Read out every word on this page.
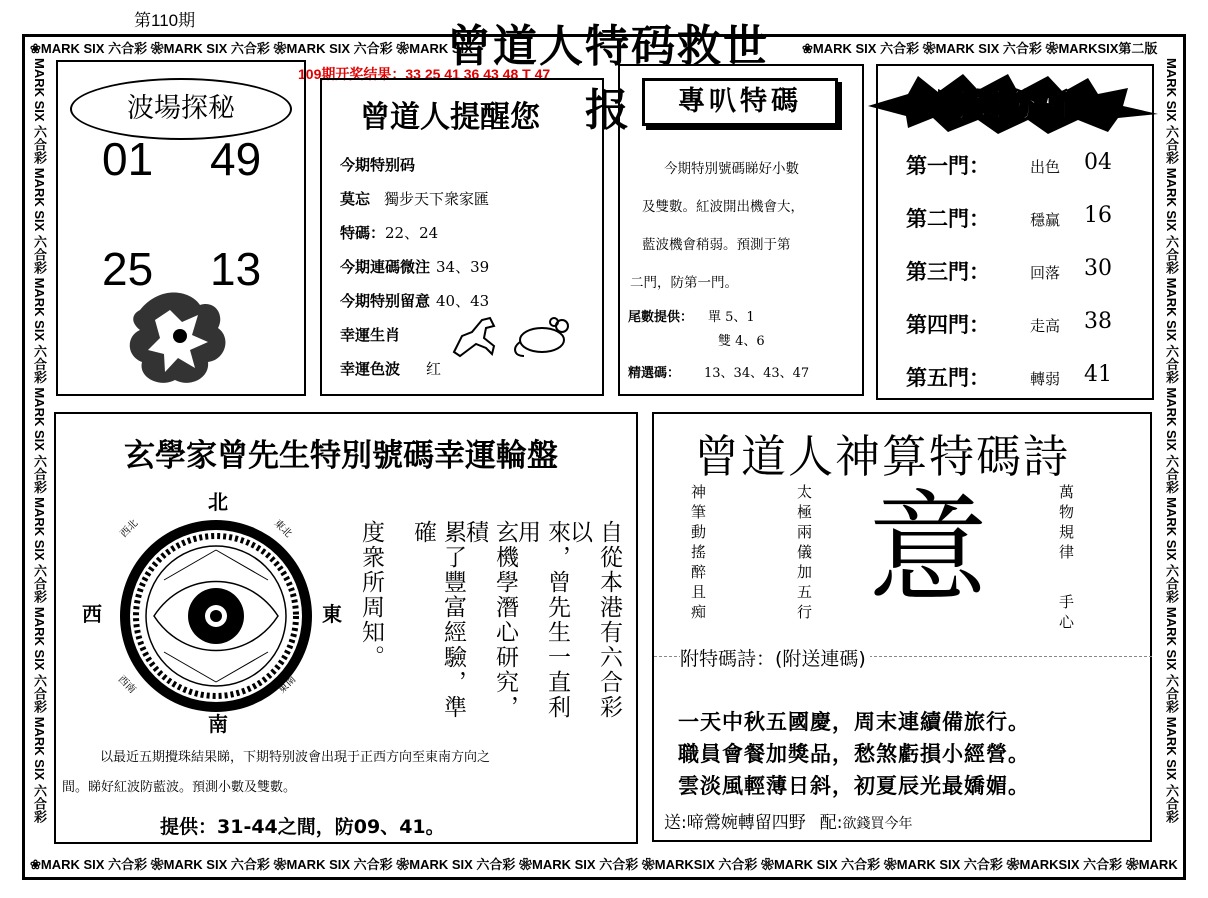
第110期
曾道人特码救世报
❀MARK SIX 六合彩 ❀MARK SIX 六合彩 ❀MARK SIX 六合彩 ❀MARK SIX	❀MARK SIX 六合彩 ❀MARK SIX 六合彩 ❀MARKSIX第二版
MARK SIX 六合彩 MARK SIX 六合彩 MARK SIX 六合彩 MARK SIX 六合彩 MARK SIX 六合彩 MARK SIX 六合彩 MARK SIX 六合彩	MARK SIX 六合彩 MARK SIX 六合彩 MARK SIX 六合彩 MARK SIX 六合彩 MARK SIX 六合彩 MARK SIX 六合彩 MARK SIX 六合彩
❀MARK SIX 六合彩 ❀MARK SIX 六合彩 ❀MARK SIX 六合彩 ❀MARK SIX 六合彩 ❀MARK SIX 六合彩 ❀MARKSIX 六合彩 ❀MARK SIX 六合彩 ❀MARK SIX 六合彩 ❀MARKSIX 六合彩 ❀MARK
109期开奖结果：33 25 41 36 43 48 T 47
波場探秘
01 49
25 13
曾道人提醒您
今期特别码
莫忘 獨步天下衆家匯
特碼：22、24
今期連碼微注 34、39
今期特别留意 40、43
幸運生肖
幸運色波 红
專叭特碼
今期特別號碼睇好小數
及雙數。紅波開出機會大，
藍波機會稍弱。預測于第
二門，防第一門。
尾數提供： 單 5、1
雙 4、6
精選碼： 13、34、43、47
門類分析
第一門：	出色 04
第二門：	穩赢 16
第三門：	回落 30
第四門：	走高 38
第五門：	轉弱 41
玄學家曾先生特別號碼幸運輪盤
北
南
西	東
西北	東北
西南	東南	自從本港有六合彩以
來，曾先生一直利用
玄機學潛心研究，積
累了豐富經驗，準確
度衆所周知。
以最近五期攪珠結果睇，下期特别波會出現于正西方向至東南方向之
間。睇好紅波防藍波。預測小數及雙數。
提供：31-44之間，防09、41。
曾道人神算特碼詩
神筆動搖醉且痴	太極兩儀加五行 意	萬物規律
手心
附特碼詩：(附送連碼)
一天中秋五國慶，周末連續備旅行。
職員會餐加獎品，愁煞虧損小經營。
雲淡風輕薄日斜，初夏辰光最嬌媚。
送:啼鶯婉轉留四野 配:欲錢買今年
